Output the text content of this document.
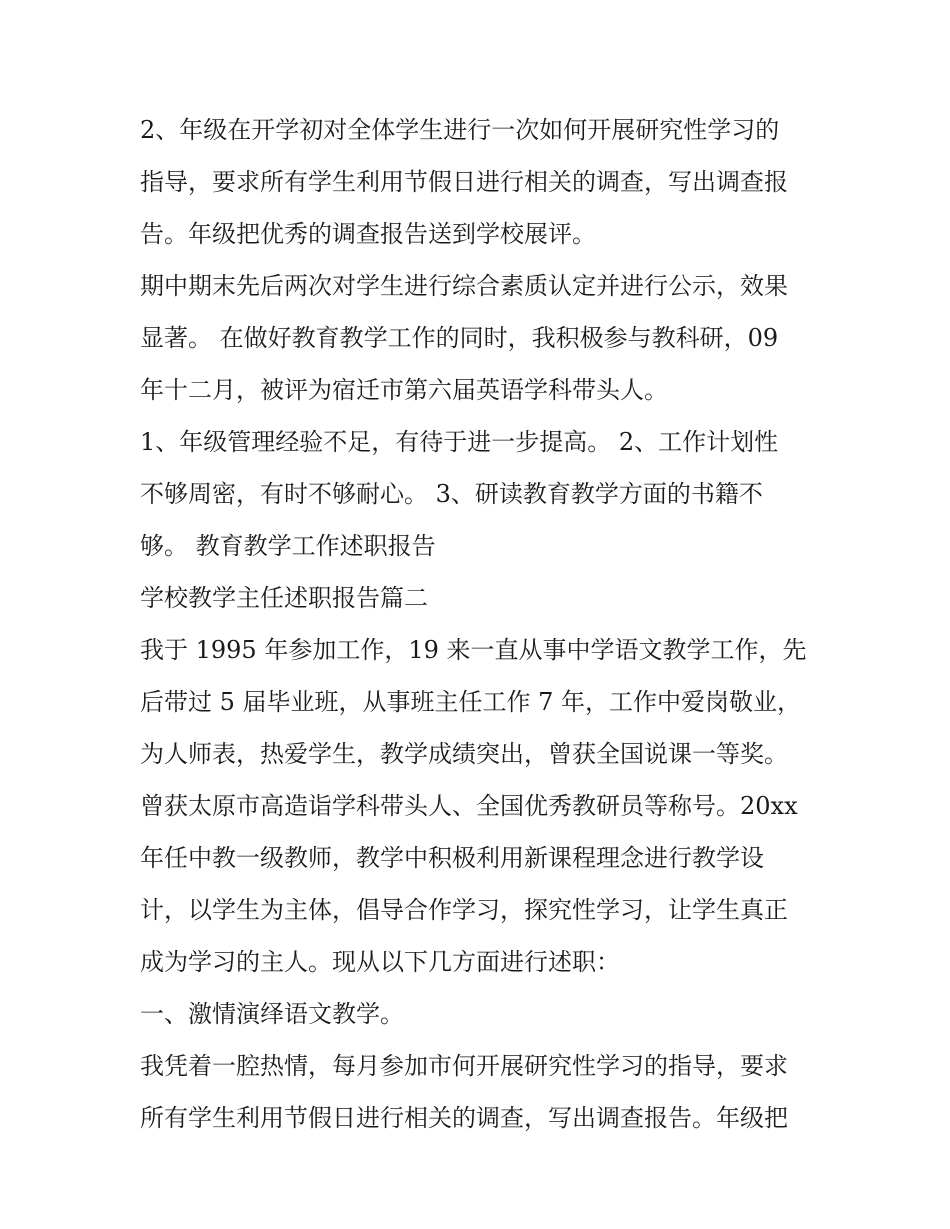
2、年级在开学初对全体学生进行一次如何开展研究性学习的
指导，要求所有学生利用节假日进行相关的调查，写出调查报
告。年级把优秀的调查报告送到学校展评。
期中期末先后两次对学生进行综合素质认定并进行公示，效果
显著。 在做好教育教学工作的同时，我积极参与教科研，09
年十二月，被评为宿迁市第六届英语学科带头人。
1、年级管理经验不足，有待于进一步提高。 2、工作计划性
不够周密，有时不够耐心。 3、研读教育教学方面的书籍不
够。 教育教学工作述职报告
学校教学主任述职报告篇二
我于 1995 年参加工作，19 来一直从事中学语文教学工作，先
后带过 5 届毕业班，从事班主任工作 7 年，工作中爱岗敬业，
为人师表，热爱学生，教学成绩突出，曾获全国说课一等奖。
曾获太原市高造诣学科带头人、全国优秀教研员等称号。20xx
年任中教一级教师，教学中积极利用新课程理念进行教学设
计，以学生为主体，倡导合作学习，探究性学习，让学生真正
成为学习的主人。现从以下几方面进行述职：
一、激情演绎语文教学。
我凭着一腔热情，每月参加市何开展研究性学习的指导，要求
所有学生利用节假日进行相关的调查，写出调查报告。年级把
